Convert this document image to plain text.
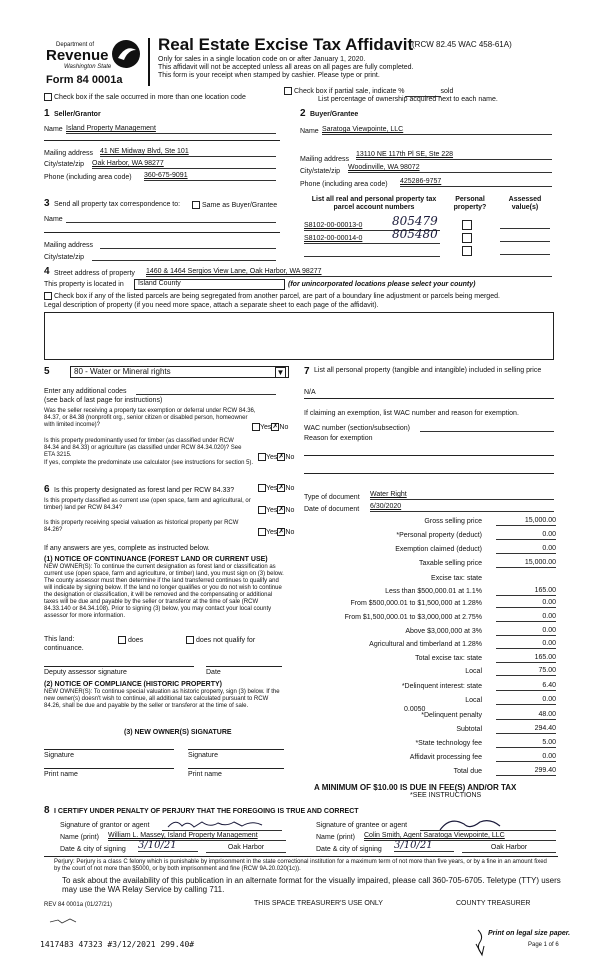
Department of
Revenue
Washington State
Form 84 0001a
Real Estate Excise Tax Affidavit
(RCW 82.45 WAC 458-61A)
Only for sales in a single location code on or after January 1, 2020.
This affidavit will not be accepted unless all areas on all pages are fully completed.
This form is your receipt when stamped by cashier. Please type or print.
Check box if the sale occurred in more than one location code
Check box if partial sale, indicate %	sold
List percentage of ownership acquired next to each name.
1 Seller/Grantor
Name Island Property Management
Mailing address 41 NE Midway Blvd, Ste 101
City/state/zip Oak Harbor, WA 98277
Phone (including area code) 360-675-9091
2 Buyer/Grantee
Name Saratoga Viewpointe, LLC
Mailing address
13110 NE 117th Pl SE, Ste 228
City/state/zip
Woodinville, WA 98072
Phone (including area code) 425286-9757
3 Send all property tax correspondence to:	Same as Buyer/Grantee
Name
Mailing address
City/state/zip
List all real and personal property tax parcel account numbers
Personal property?
Assessed value(s)
S8102-00-00013-0	805479
S8102-00-00014-0	805480
4 Street address of property 1460 & 1464 Sergios View Lane, Oak Harbor, WA 98277
This property is located in	Island County	(for unincorporated locations please select your county)
Check box if any of the listed parcels are being segregated from another parcel, are part of a boundary line adjustment or parcels being merged.
Legal description of property (if you need more space, attach a separate sheet to each page of the affidavit).
5	80 - Water or Mineral rights	▼
Enter any additional codes
(see back of last page for instructions)
Was the seller receiving a property tax exemption or deferral under RCW 84.36, 84.37, or 84.38 (nonprofit org., senior citizen or disabled person, homeowner with limited income)?	Yes✗No
Is this property predominantly used for timber (as classified under RCW 84.34 and 84.33) or agriculture (as classified under RCW 84.34.020)? See ETA 3215.	Yes✗No
If yes, complete the predominate use calculator (see instructions for section 5).
6 Is this property designated as forest land per RCW 84.33?	Yes✗No
Is this property classified as current use (open space, farm and agricultural, or timber) land per RCW 84.34?	Yes✗No
Is this property receiving special valuation as historical property per RCW 84.26?	Yes✗No
If any answers are yes, complete as instructed below.
(1) NOTICE OF CONTINUANCE (FOREST LAND OR CURRENT USE)
NEW OWNER(S): To continue the current designation as forest land or classification as current use (open space, farm and agriculture, or timber) land, you must sign on (3) below. The county assessor must then determine if the land transferred continues to qualify and will indicate by signing below. If the land no longer qualifies or you do not wish to continue the designation or classification, it will be removed and the compensating or additional taxes will be due and payable by the seller or transferor at the time of sale (RCW 84.33.140 or 84.34.108). Prior to signing (3) below, you may contact your local county assessor for more information.
This land:
continuance.
does	does not qualify for
Deputy assessor signature	Date
(2) NOTICE OF COMPLIANCE (HISTORIC PROPERTY)
NEW OWNER(S): To continue special valuation as historic property, sign (3) below. If the new owner(s) doesn't wish to continue, all additional tax calculated pursuant to RCW 84.26, shall be due and payable by the seller or transferor at the time of sale.
(3) NEW OWNER(S) SIGNATURE
Signature	Signature
Print name	Print name
7 List all personal property (tangible and intangible) included in selling price
N/A
If claiming an exemption, list WAC number and reason for exemption.
WAC number (section/subsection)
Reason for exemption
Type of document Water Right
Date of document 6/30/2020
Gross selling price	15,000.00
*Personal property (deduct)	0.00
Exemption claimed (deduct)	0.00
Taxable selling price	15,000.00
Excise tax: state
Less than $500,000.01 at 1.1%	165.00
From $500,000.01 to $1,500,000 at 1.28%	0.00
From $1,500,000.01 to $3,000,000 at 2.75%	0.00
Above $3,000,000 at 3%	0.00
Agricultural and timberland at 1.28%	0.00
Total excise tax: state	165.00
Local	75.00
*Delinquent interest: state	6.40
Local	0.00
*Delinquent penalty	48.00
Subtotal	294.40
*State technology fee	5.00
Affidavit processing fee	0.00
Total due	299.40
0.0050
A MINIMUM OF $10.00 IS DUE IN FEE(S) AND/OR TAX
*SEE INSTRUCTIONS
8 I CERTIFY UNDER PENALTY OF PERJURY THAT THE FOREGOING IS TRUE AND CORRECT
Signature of grantor or agent
Name (print) William L. Massey, Island Property Management
Date & city of signing 3/10/21	Oak Harbor
Signature of grantee or agent
Name (print) Colin Smith, Agent Saratoga Viewpointe, LLC
Date & city of signing 3/10/21	Oak Harbor
Perjury: Perjury is a class C felony which is punishable by imprisonment in the state correctional institution for a maximum term of not more than five years, or by a fine in an amount fixed by the court of not more than $5000, or by both imprisonment and fine (RCW 9A.20.020(1c)).
To ask about the availability of this publication in an alternate format for the visually impaired, please call 360-705-6705. Teletype (TTY) users may use the WA Relay Service by calling 711.
REV 84 0001a (01/27/21)	THIS SPACE TREASURER'S USE ONLY	COUNTY TREASURER
1417483 47323 #3/12/2021 299.40#
Print on legal size paper.
Page 1 of 6
